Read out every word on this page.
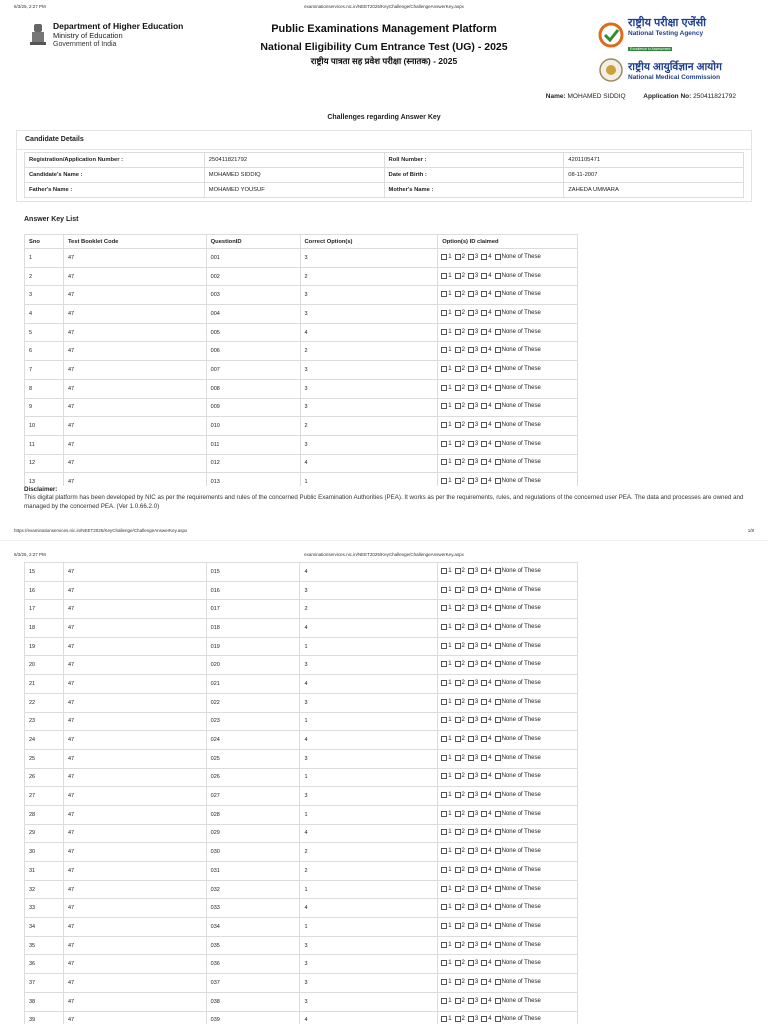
6/3/25, 2:27 PM	examinationservices.nic.in/NEET2025/KeyChallenge/ChallengeAnswerKey.aspx
Department of Higher Education
Ministry of Education
Government of India
Public Examinations Management Platform
National Eligibility Cum Entrance Test (UG) - 2025
राष्ट्रीय पात्रता सह प्रवेश परीक्षा (स्नातक) - 2025
राष्ट्रीय परीक्षा एजेंसी
National Testing Agency
Excellence in Assessment
राष्ट्रीय आयुर्विज्ञान आयोग
National Medical Commission
Name: MOHAMED SIDDIQ	Application No: 250411821792
Challenges regarding Answer Key
Candidate Details
Registration/Application Number :	250411821792	Roll Number :	4201105471
Candidate's Name :	MOHAMED SIDDIQ	Date of Birth :	08-11-2007
Father's Name :	MOHAMED YOUSUF	Mother's Name :	ZAHEDA UMMARA
Answer Key List
Sno	Test Booklet Code	QuestionID	Correct Option(s)	Option(s) ID claimed
1	47	001	3	1 2 3 4 None of These

2	47	002	2	1 2 3 4 None of These

3	47	003	3	1 2 3 4 None of These

4	47	004	3	1 2 3 4 None of These

5	47	005	4	1 2 3 4 None of These

6	47	006	2	1 2 3 4 None of These

7	47	007	3	1 2 3 4 None of These

8	47	008	3	1 2 3 4 None of These

9	47	009	3	1 2 3 4 None of These

10	47	010	2	1 2 3 4 None of These

11	47	011	3	1 2 3 4 None of These

12	47	012	4	1 2 3 4 None of These

13	47	013	1	1 2 3 4 None of These
Disclaimer:
This digital platform has been developed by NIC as per the requirements and rules of the concerned Public Examination Authorities (PEA). It works as per the requirements, rules, and regulations of the concerned user PEA. The data and processes are owned and managed by the concerned PEA. (Ver 1.0.66.2.0)
https://examinationservices.nic.in/NEET2025/KeyChallenge/ChallengeAnswerKey.aspx	1/8
6/3/25, 2:27 PM	examinationservices.nic.in/NEET2025/KeyChallenge/ChallengeAnswerKey.aspx
15	47	015	4	1 2 3 4 None of These

16	47	016	3	1 2 3 4 None of These

17	47	017	2	1 2 3 4 None of These

18	47	018	4	1 2 3 4 None of These

19	47	019	1	1 2 3 4 None of These

20	47	020	3	1 2 3 4 None of These

21	47	021	4	1 2 3 4 None of These

22	47	022	3	1 2 3 4 None of These

23	47	023	1	1 2 3 4 None of These

24	47	024	4	1 2 3 4 None of These

25	47	025	3	1 2 3 4 None of These

26	47	026	1	1 2 3 4 None of These

27	47	027	3	1 2 3 4 None of These

28	47	028	1	1 2 3 4 None of These

29	47	029	4	1 2 3 4 None of These

30	47	030	2	1 2 3 4 None of These

31	47	031	2	1 2 3 4 None of These

32	47	032	1	1 2 3 4 None of These

33	47	033	4	1 2 3 4 None of These

34	47	034	1	1 2 3 4 None of These

35	47	035	3	1 2 3 4 None of These

36	47	036	3	1 2 3 4 None of These

37	47	037	3	1 2 3 4 None of These

38	47	038	3	1 2 3 4 None of These

39	47	039	4	1 2 3 4 None of These
